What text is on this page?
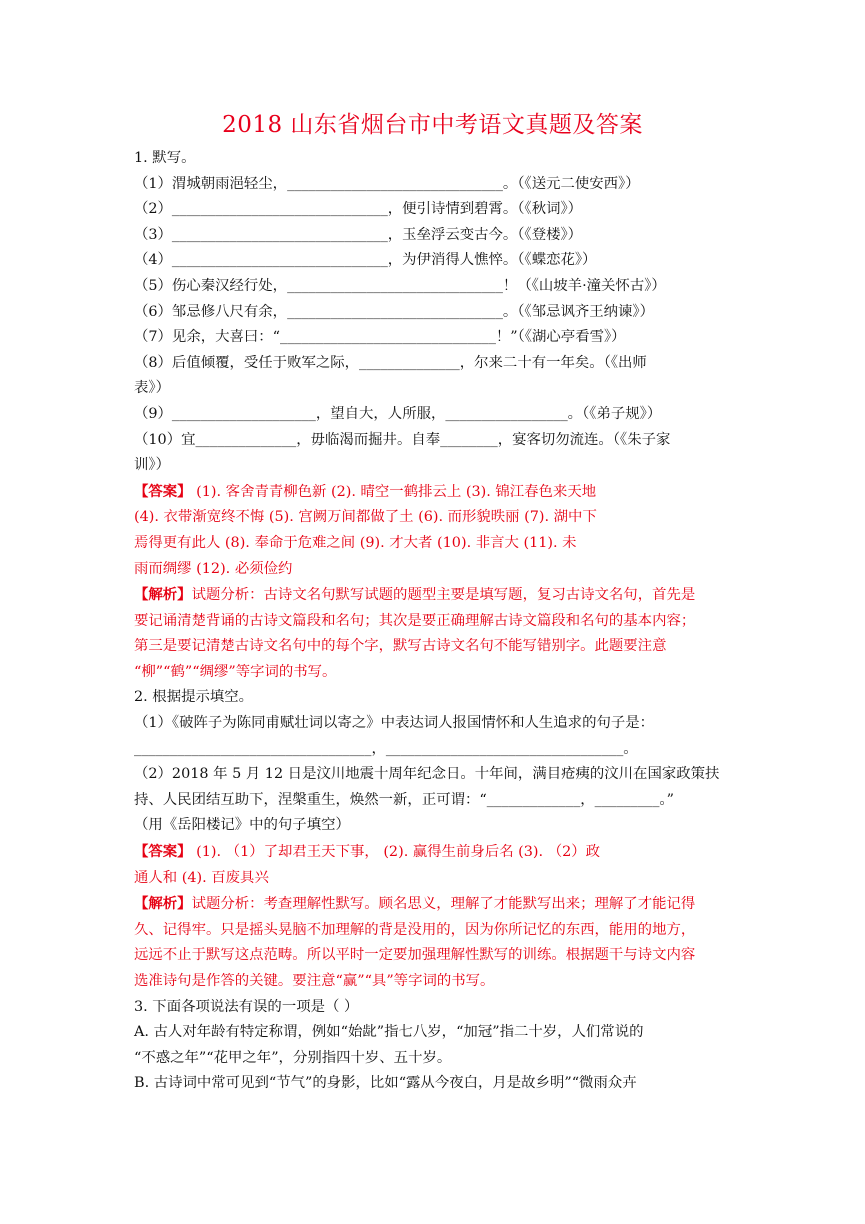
2018 山东省烟台市中考语文真题及答案

1. 默写。

（1）渭城朝雨浥轻尘，______________________________。（《送元二使安西》）

（2）______________________________，便引诗情到碧霄。（《秋词》）

（3）______________________________，玉垒浮云变古今。（《登楼》）

（4）______________________________，为伊消得人憔悴。（《蝶恋花》）

（5）伤心秦汉经行处，______________________________！（《山坡羊·潼关怀古》）

（6）邹忌修八尺有余，______________________________。（《邹忌讽齐王纳谏》）

（7）见余，大喜曰：“______________________________！”（《湖心亭看雪》）

（8）后值倾覆，受任于败军之际，______________，尔来二十有一年矣。（《出师

表》）

（9）____________________，望自大，人所服，_________________。（《弟子规》）

（10）宜______________，毋临渴而掘井。自奉________，宴客切勿流连。（《朱子家

训》）

【答案】 (1). 客舍青青柳色新 (2). 晴空一鹤排云上 (3). 锦江春色来天地

(4). 衣带渐宽终不悔 (5). 宫阙万间都做了土 (6). 而形貌昳丽 (7). 湖中下

焉得更有此人 (8). 奉命于危难之间 (9). 才大者 (10). 非言大 (11). 未

雨而绸缪 (12). 必须俭约

【解析】试题分析：古诗文名句默写试题的题型主要是填写题，复习古诗文名句，首先是

要记诵清楚背诵的古诗文篇段和名句；其次是要正确理解古诗文篇段和名句的基本内容；

第三是要记清楚古诗文名句中的每个字，默写古诗文名句不能写错别字。此题要注意

“柳”“鹤”“绸缪”等字词的书写。

2. 根据提示填空。

（1）《破阵子为陈同甫赋壮词以寄之》中表达词人报国情怀和人生追求的句子是：

_________________________________，_________________________________。

（2）2018 年 5 月 12 日是汶川地震十周年纪念日。十年间，满目疮痍的汶川在国家政策扶

持、人民团结互助下，涅槃重生，焕然一新，正可谓：“_____________，_________。”

（用《岳阳楼记》中的句子填空）

【答案】 (1). （1）了却君王天下事， (2). 赢得生前身后名 (3). （2）政

通人和 (4). 百废具兴

【解析】试题分析：考查理解性默写。顾名思义，理解了才能默写出来；理解了才能记得

久、记得牢。只是摇头晃脑不加理解的背是没用的，因为你所记忆的东西，能用的地方，

远远不止于默写这点范畴。所以平时一定要加强理解性默写的训练。根据题干与诗文内容

选准诗句是作答的关键。要注意“赢”“具”等字词的书写。

3. 下面各项说法有误的一项是（ ）

A. 古人对年龄有特定称谓，例如“始龀”指七八岁，“加冠”指二十岁，人们常说的

“不惑之年”“花甲之年”，分别指四十岁、五十岁。

B. 古诗词中常可见到“节气”的身影，比如“露从今夜白，月是故乡明”“微雨众卉
